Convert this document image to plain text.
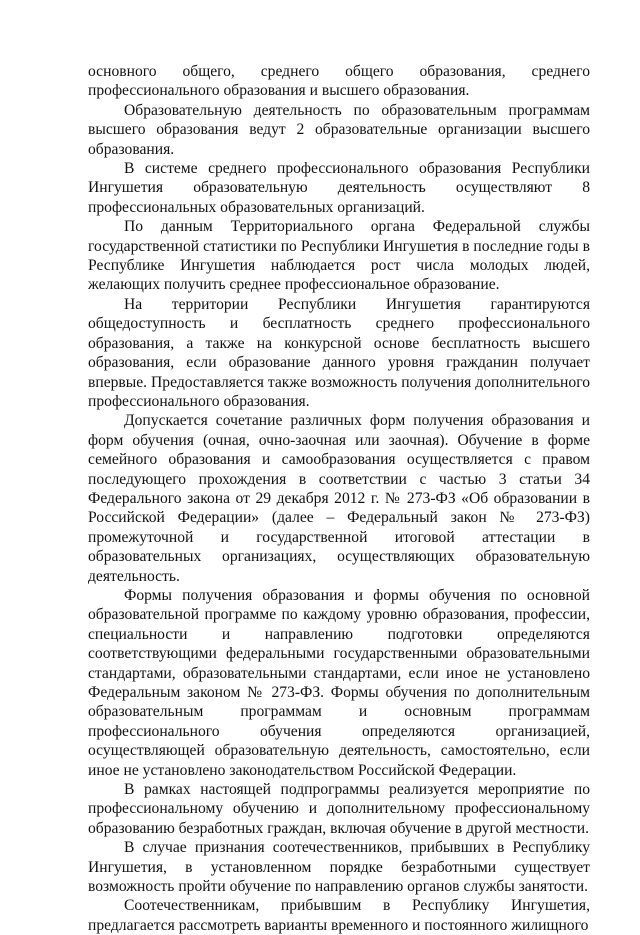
основного общего, среднего общего образования, среднего профессионального образования и высшего образования.

Образовательную деятельность по образовательным программам высшего образования ведут 2 образовательные организации высшего образования.

В системе среднего профессионального образования Республики Ингушетия образовательную деятельность осуществляют 8 профессиональных образовательных организаций.

По данным Территориального органа Федеральной службы государственной статистики по Республики Ингушетия в последние годы в Республике Ингушетия наблюдается рост числа молодых людей, желающих получить среднее профессиональное образование.

На территории Республики Ингушетия гарантируются общедоступность и бесплатность среднего профессионального образования, а также на конкурсной основе бесплатность высшего образования, если образование данного уровня гражданин получает впервые. Предоставляется также возможность получения дополнительного профессионального образования.

Допускается сочетание различных форм получения образования и форм обучения (очная, очно-заочная или заочная). Обучение в форме семейного образования и самообразования осуществляется с правом последующего прохождения в соответствии с частью 3 статьи 34 Федерального закона от 29 декабря 2012 г. № 273-ФЗ «Об образовании в Российской Федерации» (далее – Федеральный закон № 273-ФЗ) промежуточной и государственной итоговой аттестации в образовательных организациях, осуществляющих образовательную деятельность.

Формы получения образования и формы обучения по основной образовательной программе по каждому уровню образования, профессии, специальности и направлению подготовки определяются соответствующими федеральными государственными образовательными стандартами, образовательными стандартами, если иное не установлено Федеральным законом № 273-ФЗ. Формы обучения по дополнительным образовательным программам и основным программам профессионального обучения определяются организацией, осуществляющей образовательную деятельность, самостоятельно, если иное не установлено законодательством Российской Федерации.

В рамках настоящей подпрограммы реализуется мероприятие по профессиональному обучению и дополнительному профессиональному образованию безработных граждан, включая обучение в другой местности.

В случае признания соотечественников, прибывших в Республику Ингушетия, в установленном порядке безработными существует возможность пройти обучение по направлению органов службы занятости.

Соотечественникам, прибывшим в Республику Ингушетия, предлагается рассмотреть варианты временного и постоянного жилищного
